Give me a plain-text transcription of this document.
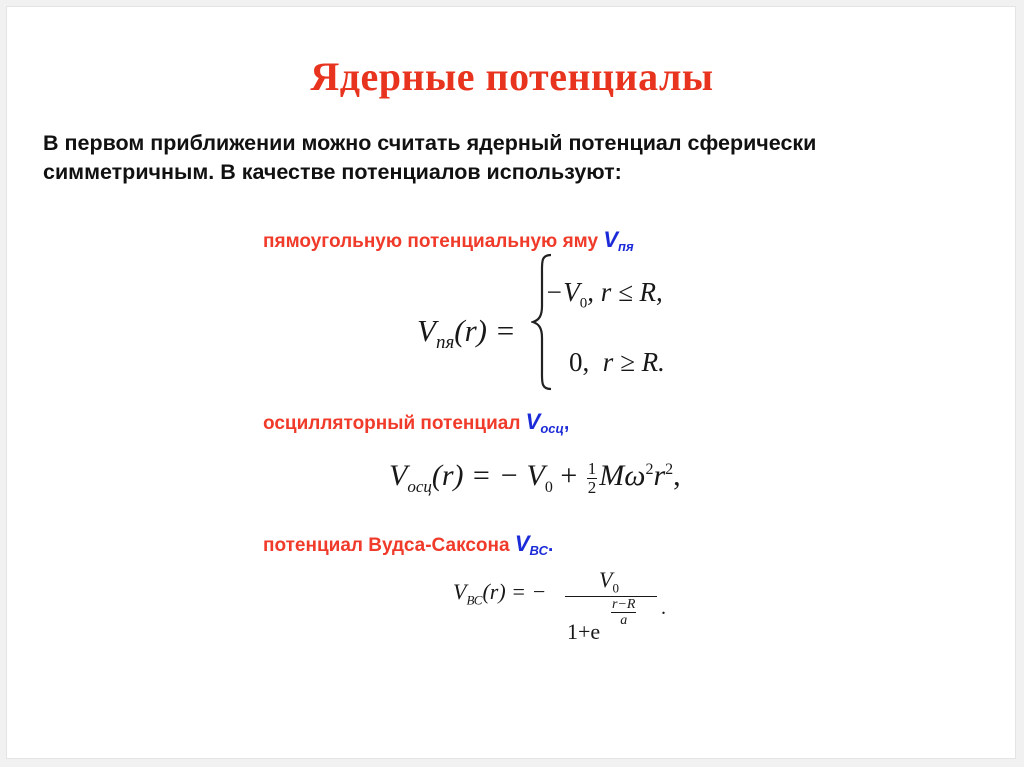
Ядерные потенциалы
В первом приближении можно считать ядерный потенциал сферически симметричным. В качестве потенциалов используют:
пямоугольную потенциальную яму $V_{пя}$
$V_{пя}(r)$ =
$-V_0$, r ≤ R,
0, r ≥ R.
осцилляторный потенциал $V_{осц}$,
$V_{осц}(r)$ = − $V_0 + \frac{1}{2} M\omega^2r^2$,
потенциал Вудса-Саксона $V_{ВС}$.
$V_{ВС}(r)$ = − $V_0$
1+e
r−R
a
.
